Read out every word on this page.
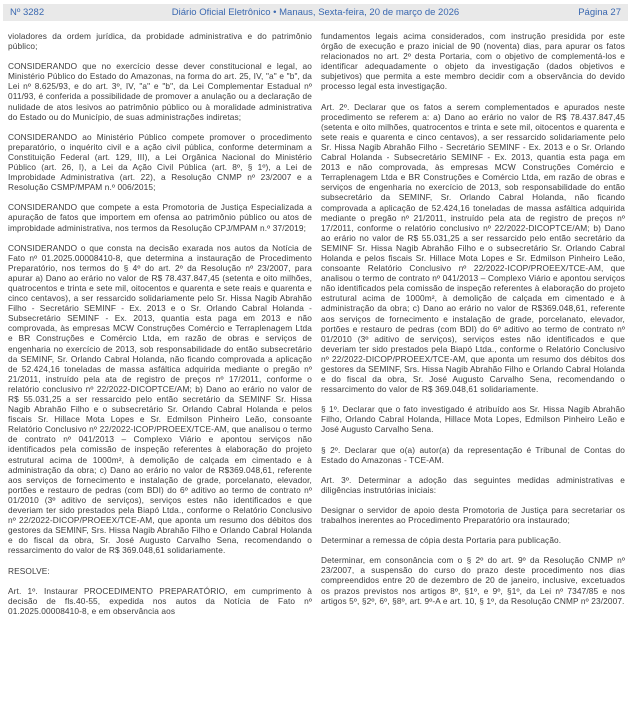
Nº 3282	Diário Oficial Eletrônico • Manaus, Sexta-feira, 20 de março de 2026	Página 27

violadores da ordem jurídica, da probidade administrativa e do patrimônio público;

CONSIDERANDO que no exercício desse dever constitucional e legal, ao Ministério Público do Estado do Amazonas, na forma do art. 25, IV, "a" e "b", da Lei nº 8.625/93, e do art. 3º, IV, "a" e "b", da Lei Complementar Estadual nº 011/93, é conferida a possibilidade de promover a anulação ou a declaração de nulidade de atos lesivos ao patrimônio público ou à moralidade administrativa do Estado ou do Município, de suas administrações indiretas;

CONSIDERANDO ao Ministério Público compete promover o procedimento preparatório, o inquérito civil e a ação civil pública, conforme determinam a Constituição Federal (art. 129, III), a Lei Orgânica Nacional do Ministério Público (art. 26, I), a Lei da Ação Civil Pública (art. 8º, § 1º), a Lei de Improbidade Administrativa (art. 22), a Resolução CNMP nº 23/2007 e a Resolução CSMP/MPAM n.º 006/2015;

CONSIDERANDO que compete a esta Promotoria de Justiça Especializada a apuração de fatos que importem em ofensa ao patrimônio público ou atos de improbidade administrativa, nos termos da Resolução CPJ/MPAM n.º 37/2019;

CONSIDERANDO o que consta na decisão exarada nos autos da Notícia de Fato nº 01.2025.00008410-8, que determina a instauração de Procedimento Preparatório, nos termos do § 4º do art. 2º da Resolução nº 23/2007, para apurar a) Dano ao erário no valor de R$ 78.437.847,45 (setenta e oito milhões, quatrocentos e trinta e sete mil, oitocentos e quarenta e sete reais e quarenta e cinco centavos), a ser ressarcido solidariamente pelo Sr. Hissa Nagib Abrahão Filho - Secretário SEMINF - Ex. 2013 e o Sr. Orlando Cabral Holanda - Subsecretário SEMINF - Ex. 2013, quantia esta paga em 2013 e não comprovada, às empresas MCW Construções Comércio e Terraplenagem Ltda e BR Construções e Comércio Ltda, em razão de obras e serviços de engenharia no exercício de 2013, sob responsabilidade do então subsecretário da SEMINF, Sr. Orlando Cabral Holanda, não ficando comprovada a aplicação de 52.424,16 toneladas de massa asfáltica adquirida mediante o pregão nº 21/2011, instruído pela ata de registro de preços nº 17/2011, conforme o relatório conclusivo nº 22/2022-DICOPTCE/AM; b) Dano ao erário no valor de R$ 55.031,25 a ser ressarcido pelo então secretário da SEMINF Sr. Hissa Nagib Abrahão Filho e o subsecretário Sr. Orlando Cabral Holanda e pelos fiscais Sr. Hillace Mota Lopes e Sr. Edmilson Pinheiro Leão, consoante Relatório Conclusivo nº 22/2022-ICOP/PROEEX/TCE-AM, que analisou o termo de contrato nº 041/2013 – Complexo Viário e apontou serviços não identificados pela comissão de inspeção referentes à elaboração do projeto estrutural acima de 1000m², à demolição de calçada em cimentado e à administração da obra; c) Dano ao erário no valor de R$369.048,61, referente aos serviços de fornecimento e instalação de grade, porcelanato, elevador, portões e restauro de pedras (com BDI) do 6º aditivo ao termo de contrato nº 01/2010 (3º aditivo de serviços), serviços estes não identificados e que deveriam ter sido prestados pela Biapó Ltda., conforme o Relatório Conclusivo nº 22/2022-DICOP/PROEEX/TCE-AM, que aponta um resumo dos débitos dos gestores da SEMINF, Srs. Hissa Nagib Abrahão Filho e Orlando Cabral Holanda e do fiscal da obra, Sr. José Augusto Carvalho Sena, recomendando o ressarcimento do valor de R$ 369.048,61 solidariamente.

RESOLVE:

Art. 1º. Instaurar PROCEDIMENTO PREPARATÓRIO, em cumprimento à decisão de fls.40-55, expedida nos autos da Notícia de Fato nº 01.2025.00008410-8, e em observância aos

fundamentos legais acima considerados, com instrução presidida por este órgão de execução e prazo inicial de 90 (noventa) dias, para apurar os fatos relacionados no art. 2º desta Portaria, com o objetivo de complementá-los e identificar adequadamente o objeto da investigação (dados objetivos e subjetivos) que permita a este membro decidir com a observância do devido processo legal esta investigação.

Art. 2º. Declarar que os fatos a serem complementados e apurados neste procedimento se referem a: a) Dano ao erário no valor de R$ 78.437.847,45 (setenta e oito milhões, quatrocentos e trinta e sete mil, oitocentos e quarenta e sete reais e quarenta e cinco centavos), a ser ressarcido solidariamente pelo Sr. Hissa Nagib Abrahão Filho - Secretário SEMINF - Ex. 2013 e o Sr. Orlando Cabral Holanda - Subsecretário SEMINF - Ex. 2013, quantia esta paga em 2013 e não comprovada, às empresas MCW Construções Comércio e Terraplenagem Ltda e BR Construções e Comércio Ltda, em razão de obras e serviços de engenharia no exercício de 2013, sob responsabilidade do então subsecretário da SEMINF, Sr. Orlando Cabral Holanda, não ficando comprovada a aplicação de 52.424,16 toneladas de massa asfáltica adquirida mediante o pregão nº 21/2011, instruído pela ata de registro de preços nº 17/2011, conforme o relatório conclusivo nº 22/2022-DICOPTCE/AM; b) Dano ao erário no valor de R$ 55.031,25 a ser ressarcido pelo então secretário da SEMINF Sr. Hissa Nagib Abrahão Filho e o subsecretário Sr. Orlando Cabral Holanda e pelos fiscais Sr. Hillace Mota Lopes e Sr. Edmilson Pinheiro Leão, consoante Relatório Conclusivo nº 22/2022-ICOP/PROEEX/TCE-AM, que analisou o termo de contrato nº 041/2013 – Complexo Viário e apontou serviços não identificados pela comissão de inspeção referentes à elaboração do projeto estrutural acima de 1000m², à demolição de calçada em cimentado e à administração da obra; c) Dano ao erário no valor de R$369.048,61, referente aos serviços de fornecimento e instalação de grade, porcelanato, elevador, portões e restauro de pedras (com BDI) do 6º aditivo ao termo de contrato nº 01/2010 (3º aditivo de serviços), serviços estes não identificados e que deveriam ter sido prestados pela Biapó Ltda., conforme o Relatório Conclusivo nº 22/2022-DICOP/PROEEX/TCE-AM, que aponta um resumo dos débitos dos gestores da SEMINF, Srs. Hissa Nagib Abrahão Filho e Orlando Cabral Holanda e do fiscal da obra, Sr. José Augusto Carvalho Sena, recomendando o ressarcimento do valor de R$ 369.048,61 solidariamente.

§ 1º. Declarar que o fato investigado é atribuído aos Sr. Hissa Nagib Abrahão Filho, Orlando Cabral Holanda, Hillace Mota Lopes, Edmilson Pinheiro Leão e José Augusto Carvalho Sena.

§ 2º. Declarar que o(a) autor(a) da representação é Tribunal de Contas do Estado do Amazonas - TCE-AM.

Art. 3º. Determinar a adoção das seguintes medidas administrativas e diligências instrutórias iniciais:

Designar o servidor de apoio desta Promotoria de Justiça para secretariar os trabalhos inerentes ao Procedimento Preparatório ora instaurado;

Determinar a remessa de cópia desta Portaria para publicação.

Determinar, em consonância com o § 2º do art. 9º da Resolução CNMP nº 23/2007, a suspensão do curso do prazo deste procedimento nos dias compreendidos entre 20 de dezembro de 20 de janeiro, inclusive, excetuados os prazos previstos nos artigos 8º, §1º, e 9º, §1º, da Lei nº 7347/85 e nos artigos 5º, §2º, 6º, §8º, art. 9º-A e art. 10, § 1º, da Resolução CNMP nº 23/2007.
